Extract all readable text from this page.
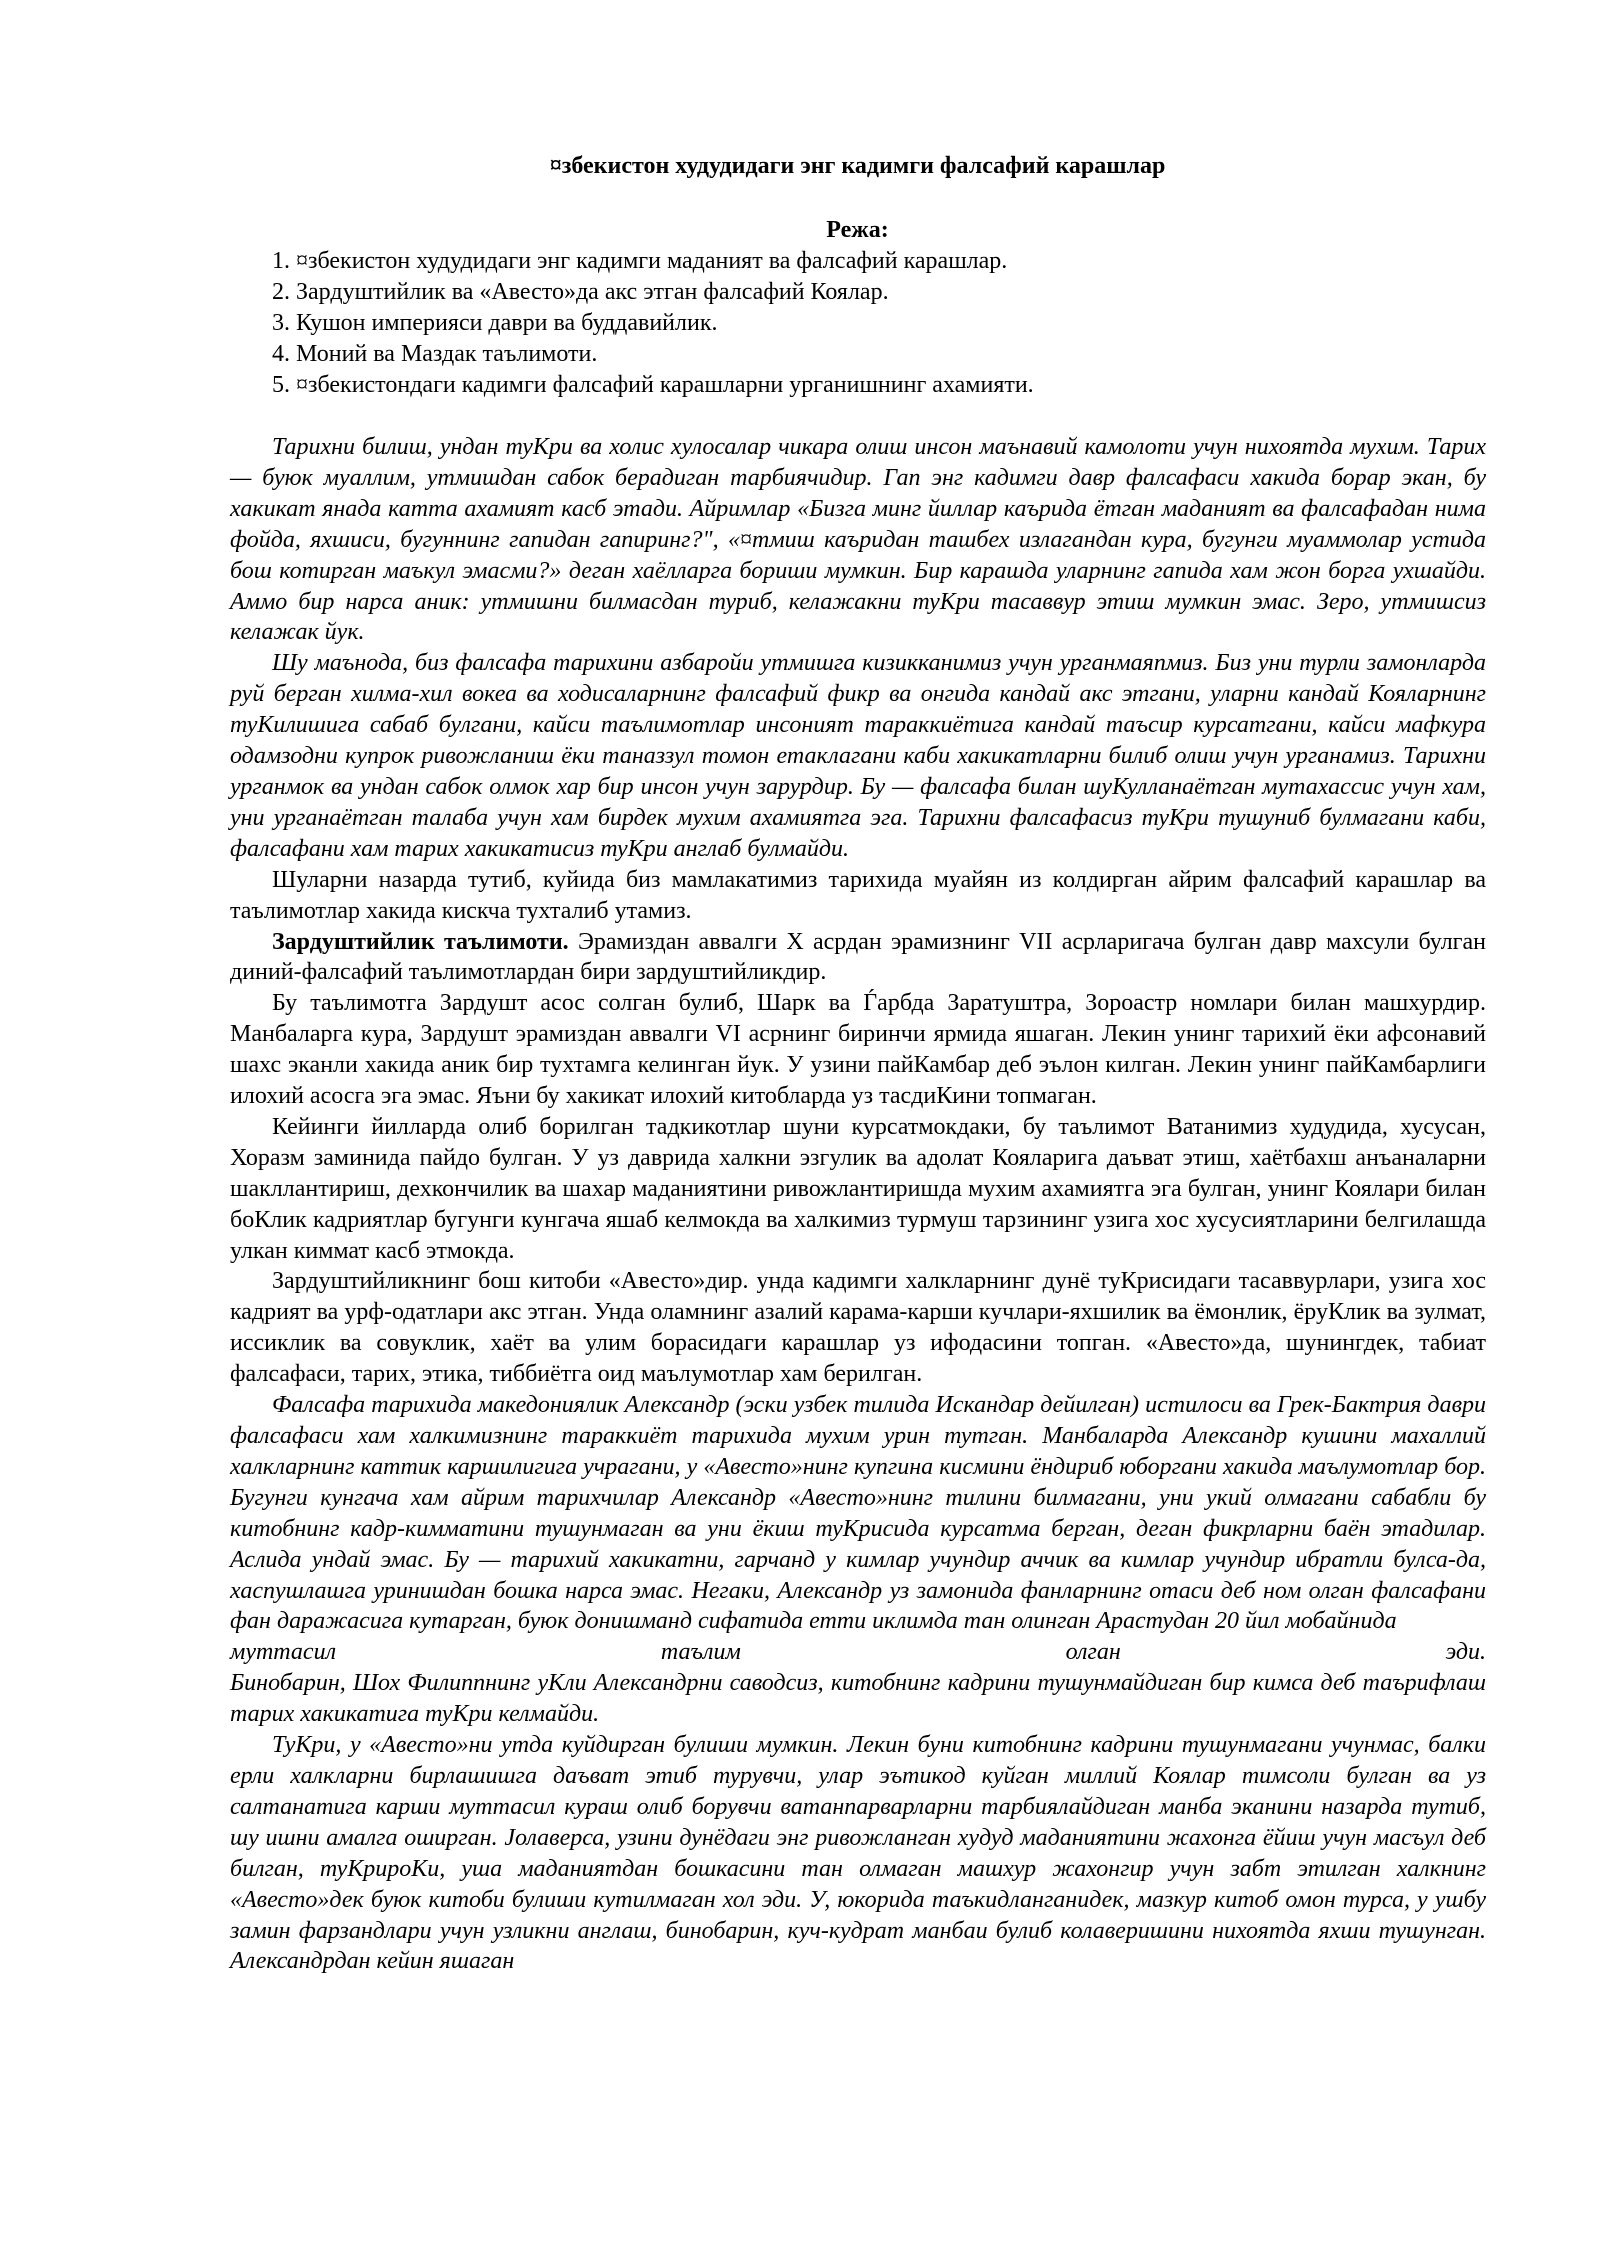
¤збекистон худудидаги энг кадимги фалсафий карашлар
Режа:
1. ¤збекистон худудидаги энг кадимги маданият ва фалсафий карашлар.
2. Зардуштийлик ва «Авесто»да акс этган фалсафий Коялар.
3. Кушон империяси даври ва буддавийлик.
4. Моний ва Маздак таълимоти.
5. ¤збекистондаги кадимги фалсафий карашларни урганишнинг ахамияти.

Тарихни билиш, ундан туКри ва холис хулосалар чикара олиш инсон маънавий камолоти учун нихоятда мухим. Тарих — буюк муаллим, утмишдан сабок берадиган тарбиячидир. Гап энг кадимги давр фалсафаси хакида борар экан, бу хакикат янада катта ахамият касб этади. Айримлар «Бизга минг йиллар каърида ётган маданият ва фалсафадан нима фойда, яхшиси, бугуннинг гапидан гапиринг?", «¤тмиш каъридан ташбех излагандан кура, бугунги муаммолар устида бош котирган маъкул эмасми?» деган хаёлларга бориши мумкин. Бир карашда уларнинг гапида хам жон борга ухшайди. Аммо бир нарса аник: утмишни билмасдан туриб, келажакни туКри тасаввур этиш мумкин эмас. Зеро, утмишсиз келажак йук.

Шу маънода, биз фалсафа тарихини азбаройи утмишга кизикканимиз учун урганмаяпмиз. Биз уни турли замонларда руй берган хилма-хил вокеа ва ходисаларнинг фалсафий фикр ва онгида кандай акс этгани, уларни кандай Кояларнинг туКилишига сабаб булгани, кайси таълимотлар инсоният тараккиётига кандай таъсир курсатгани, кайси мафкура одамзодни купрок ривожланиш ёки таназзул томон етаклагани каби хакикатларни билиб олиш учун урганамиз. Тарихни урганмок ва ундан сабок олмок хар бир инсон учун зарурдир. Бу — фалсафа билан шуКулланаётган мутахассис учун хам, уни урганаётган талаба учун хам бирдек мухим ахамиятга эга. Тарихни фалсафасиз туКри тушуниб булмагани каби, фалсафани хам тарих хакикатисиз туКри англаб булмайди.

Шуларни назарда тутиб, куйида биз мамлакатимиз тарихида муайян из колдирган айрим фалсафий карашлар ва таълимотлар хакида кискча тухталиб утамиз.

Зардуштийлик таълимоти. Эрамиздан аввалги X асрдан эрамизнинг VII асрларигача булган давр махсули булган диний-фалсафий таълимотлардан бири зардуштийликдир.

Бу таълимотга Зардушт асос солган булиб, Шарк ва Ѓарбда Заратуштра, Зороастр номлари билан машхурдир. Манбаларга кура, Зардушт эрамиздан аввалги VI асрнинг биринчи ярмида яшаган. Лекин унинг тарихий ёки афсонавий шахс эканли хакида аник бир тухтамга келинган йук. У узини пайКамбар деб эълон килган. Лекин унинг пайКамбарлиги илохий асосга эга эмас. Яъни бу хакикат илохий китобларда уз тасдиКини топмаган.

Кейинги йилларда олиб борилган тадкикотлар шуни курсатмокдаки, бу таълимот Ватанимиз худудида, хусусан, Хоразм заминида пайдо булган. У уз даврида халкни эзгулик ва адолат Кояларига даъват этиш, хаётбахш анъаналарни шакллантириш, дехкончилик ва шахар маданиятини ривожлантиришда мухим ахамиятга эга булган, унинг Коялари билан боКлик кадриятлар бугунги кунгача яшаб келмокда ва халкимиз турмуш тарзининг узига хос хусусиятларини белгилашда улкан киммат касб этмокда.

Зардуштийликнинг бош китоби «Авесто»дир. унда кадимги халкларнинг дунё туКрисидаги тасаввурлари, узига хос кадрият ва урф-одатлари акс этган. Унда оламнинг азалий карама-карши кучлари-яхшилик ва ёмонлик, ёруКлик ва зулмат, иссиклик ва совуклик, хаёт ва улим борасидаги карашлар уз ифодасини топган. «Авесто»да, шунингдек, табиат фалсафаси, тарих, этика, тиббиётга оид маълумотлар хам берилган.

Фалсафа тарихида македониялик Александр (эски узбек тилида Искандар дейилган) истилоси ва Грек-Бактрия даври фалсафаси хам халкимизнинг тараккиёт тарихида мухим урин тутган. Манбаларда Александр кушини махаллий халкларнинг каттик каршилигига учрагани, у «Авесто»нинг купгина кисмини ёндириб юборгани хакида маълумотлар бор. Бугунги кунгача хам айрим тарихчилар Александр «Авесто»нинг тилини билмагани, уни укий олмагани сабабли бу китобнинг кадр-кимматини тушунмаган ва уни ёкиш туКрисида курсатма берган, деган фикрларни баён этадилар. Аслида ундай эмас. Бу — тарихий хакикатни, гарчанд у кимлар учундир аччик ва кимлар учундир ибратли булса-да, хаспушлашга уринишдан бошка нарса эмас. Негаки, Александр уз замонида фанларнинг отаси деб ном олган фалсафани фан даражасига кутарган, буюк донишманд сифатида етти иклимда тан олинган Арастудан 20 йил мобайнида

муттасил	таълим	олган	эди.

Бинобарин, Шох Филиппнинг уКли Александрни саводсиз, китобнинг кадрини тушунмайдиган бир кимса деб таърифлаш тарих хакикатига туКри келмайди.

ТуКри, у «Авесто»ни утда куйдирган булиши мумкин. Лекин буни китобнинг кадрини тушунмагани учунмас, балки ерли халкларни бирлашишга даъват этиб турувчи, улар эътикод куйган миллий Коялар тимсоли булган ва уз салтанатига карши муттасил кураш олиб борувчи ватанпарварларни тарбиялайдиган манба эканини назарда тутиб, шу ишни амалга оширган. Јолаверса, узини дунёдаги энг ривожланган худуд маданиятини жахонга ёйиш учун масъул деб билган, туКрироКи, уша маданиятдан бошкасини тан олмаган машхур жахонгир учун забт этилган халкнинг «Авесто»дек буюк китоби булиши кутилмаган хол эди. У, юкорида таъкидланганидек, мазкур китоб омон турса, у ушбу замин фарзандлари учун узликни англаш, бинобарин, куч-кудрат манбаи булиб колаверишини нихоятда яхши тушунган. Александрдан кейин яшаган
